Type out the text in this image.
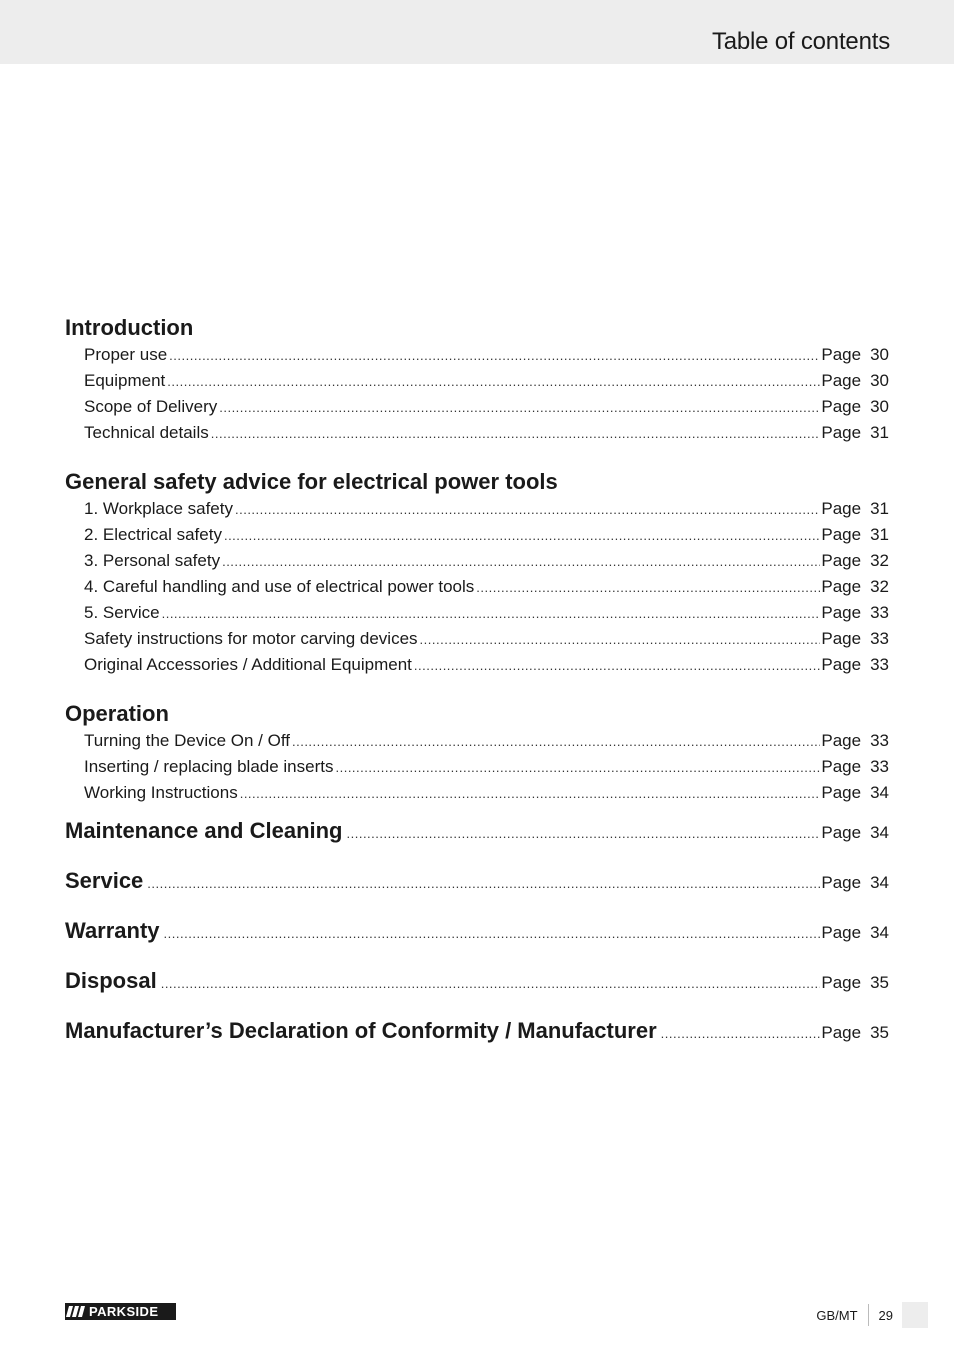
Table of contents
Introduction
Proper use .....	Page 30
Equipment .....	Page 30
Scope of Delivery .....	Page 30
Technical details .....	Page 31
General safety advice for electrical power tools
1. Workplace safety .....	Page 31
2. Electrical safety .....	Page 31
3. Personal safety .....	Page 32
4. Careful handling and use of electrical power tools .....	Page 32
5. Service .....	Page 33
Safety instructions for motor carving devices .....	Page 33
Original Accessories / Additional Equipment .....	Page 33
Operation
Turning the Device On / Off .....	Page 33
Inserting / replacing blade inserts .....	Page 33
Working Instructions .....	Page 34
Maintenance and Cleaning .....	Page 34
Service .....	Page 34
Warranty .....	Page 34
Disposal .....	Page 35
Manufacturer’s Declaration of Conformity / Manufacturer .....	Page 35
PARKSIDE	GB/MT 29
